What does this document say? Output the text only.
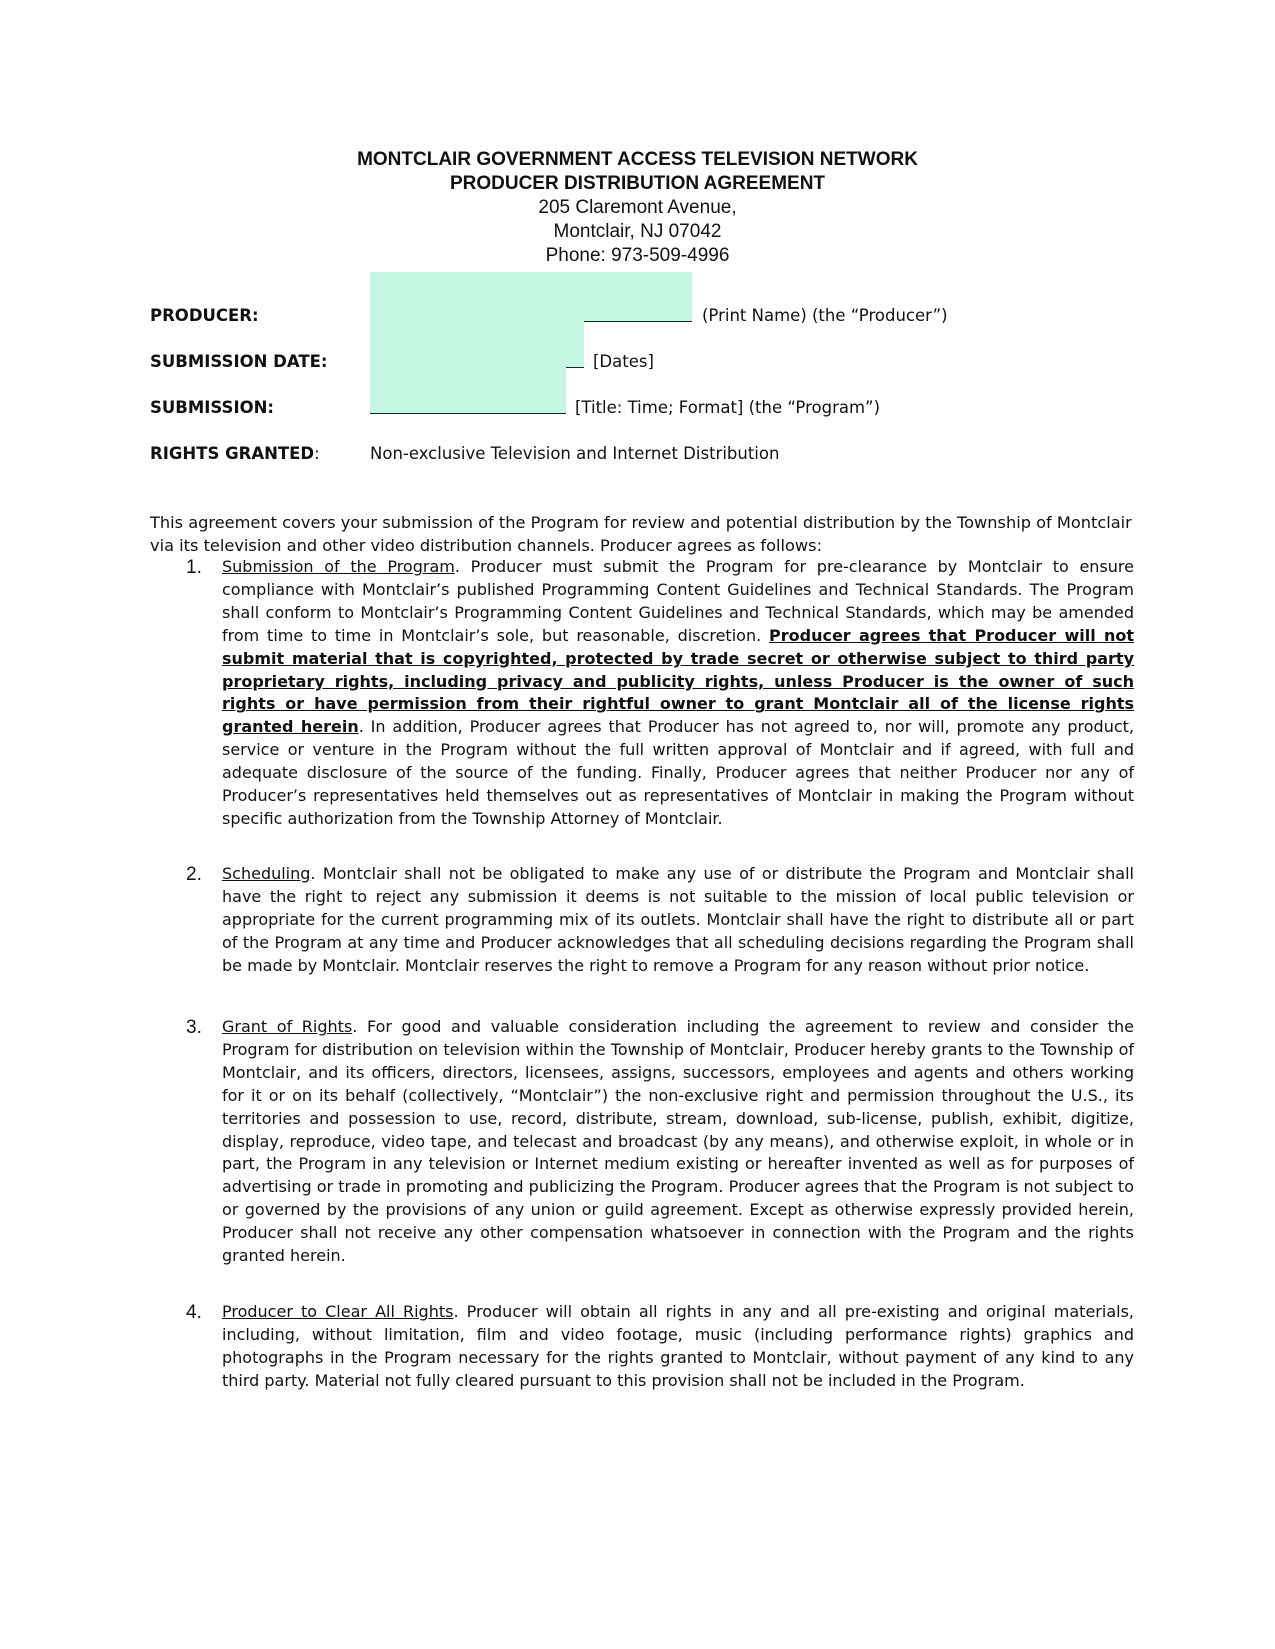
MONTCLAIR GOVERNMENT ACCESS TELEVISION NETWORK
PRODUCER DISTRIBUTION AGREEMENT
205 Claremont Avenue,
Montclair, NJ 07042
Phone: 973-509-4996
PRODUCER:	(Print Name) (the “Producer”)
SUBMISSION DATE:	[Dates]
SUBMISSION:	[Title: Time; Format] (the “Program”)
RIGHTS GRANTED:	Non-exclusive Television and Internet Distribution
This agreement covers your submission of the Program for review and potential distribution by the Township of Montclair via its television and other video distribution channels. Producer agrees as follows:
1. Submission of the Program. Producer must submit the Program for pre-clearance by Montclair to ensure compliance with Montclair’s published Programming Content Guidelines and Technical Standards. The Program shall conform to Montclair’s Programming Content Guidelines and Technical Standards, which may be amended from time to time in Montclair’s sole, but reasonable, discretion. Producer agrees that Producer will not submit material that is copyrighted, protected by trade secret or otherwise subject to third party proprietary rights, including privacy and publicity rights, unless Producer is the owner of such rights or have permission from their rightful owner to grant Montclair all of the license rights granted herein. In addition, Producer agrees that Producer has not agreed to, nor will, promote any product, service or venture in the Program without the full written approval of Montclair and if agreed, with full and adequate disclosure of the source of the funding. Finally, Producer agrees that neither Producer nor any of Producer’s representatives held themselves out as representatives of Montclair in making the Program without specific authorization from the Township Attorney of Montclair.
2. Scheduling. Montclair shall not be obligated to make any use of or distribute the Program and Montclair shall have the right to reject any submission it deems is not suitable to the mission of local public television or appropriate for the current programming mix of its outlets. Montclair shall have the right to distribute all or part of the Program at any time and Producer acknowledges that all scheduling decisions regarding the Program shall be made by Montclair. Montclair reserves the right to remove a Program for any reason without prior notice.
3. Grant of Rights. For good and valuable consideration including the agreement to review and consider the Program for distribution on television within the Township of Montclair, Producer hereby grants to the Township of Montclair, and its officers, directors, licensees, assigns, successors, employees and agents and others working for it or on its behalf (collectively, “Montclair”) the non-exclusive right and permission throughout the U.S., its territories and possession to use, record, distribute, stream, download, sub-license, publish, exhibit, digitize, display, reproduce, video tape, and telecast and broadcast (by any means), and otherwise exploit, in whole or in part, the Program in any television or Internet medium existing or hereafter invented as well as for purposes of advertising or trade in promoting and publicizing the Program. Producer agrees that the Program is not subject to or governed by the provisions of any union or guild agreement. Except as otherwise expressly provided herein, Producer shall not receive any other compensation whatsoever in connection with the Program and the rights granted herein.
4. Producer to Clear All Rights. Producer will obtain all rights in any and all pre-existing and original materials, including, without limitation, film and video footage, music (including performance rights) graphics and photographs in the Program necessary for the rights granted to Montclair, without payment of any kind to any third party. Material not fully cleared pursuant to this provision shall not be included in the Program.
